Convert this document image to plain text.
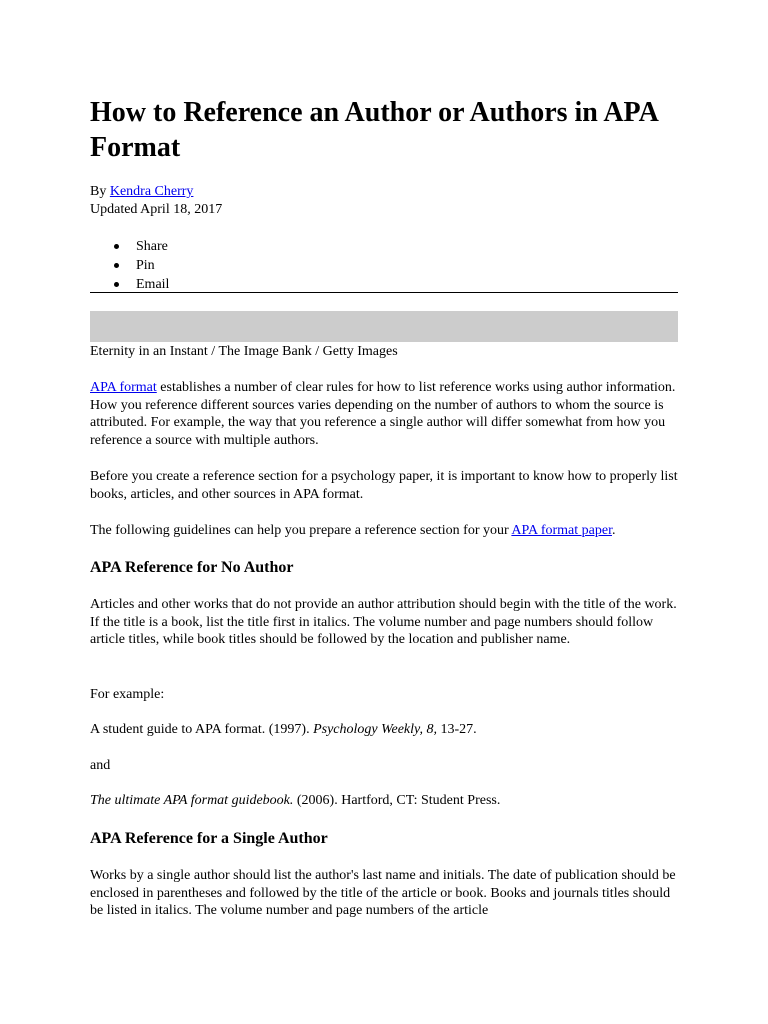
How to Reference an Author or Authors in APA Format
By Kendra Cherry
Updated April 18, 2017
Share
Pin
Email

Eternity in an Instant / The Image Bank / Getty Images

APA format establishes a number of clear rules for how to list reference works using author information. How you reference different sources varies depending on the number of authors to whom the source is attributed. For example, the way that you reference a single author will differ somewhat from how you reference a source with multiple authors.

Before you create a reference section for a psychology paper, it is important to know how to properly list books, articles, and other sources in APA format.

The following guidelines can help you prepare a reference section for your APA format paper.

APA Reference for No Author

Articles and other works that do not provide an author attribution should begin with the title of the work. If the title is a book, list the title first in italics. The volume number and page numbers should follow article titles, while book titles should be followed by the location and publisher name.

For example:

A student guide to APA format. (1997). Psychology Weekly, 8, 13-27.

and

The ultimate APA format guidebook. (2006). Hartford, CT: Student Press.

APA Reference for a Single Author

Works by a single author should list the author's last name and initials. The date of publication should be enclosed in parentheses and followed by the title of the article or book. Books and journals titles should be listed in italics. The volume number and page numbers of the article
